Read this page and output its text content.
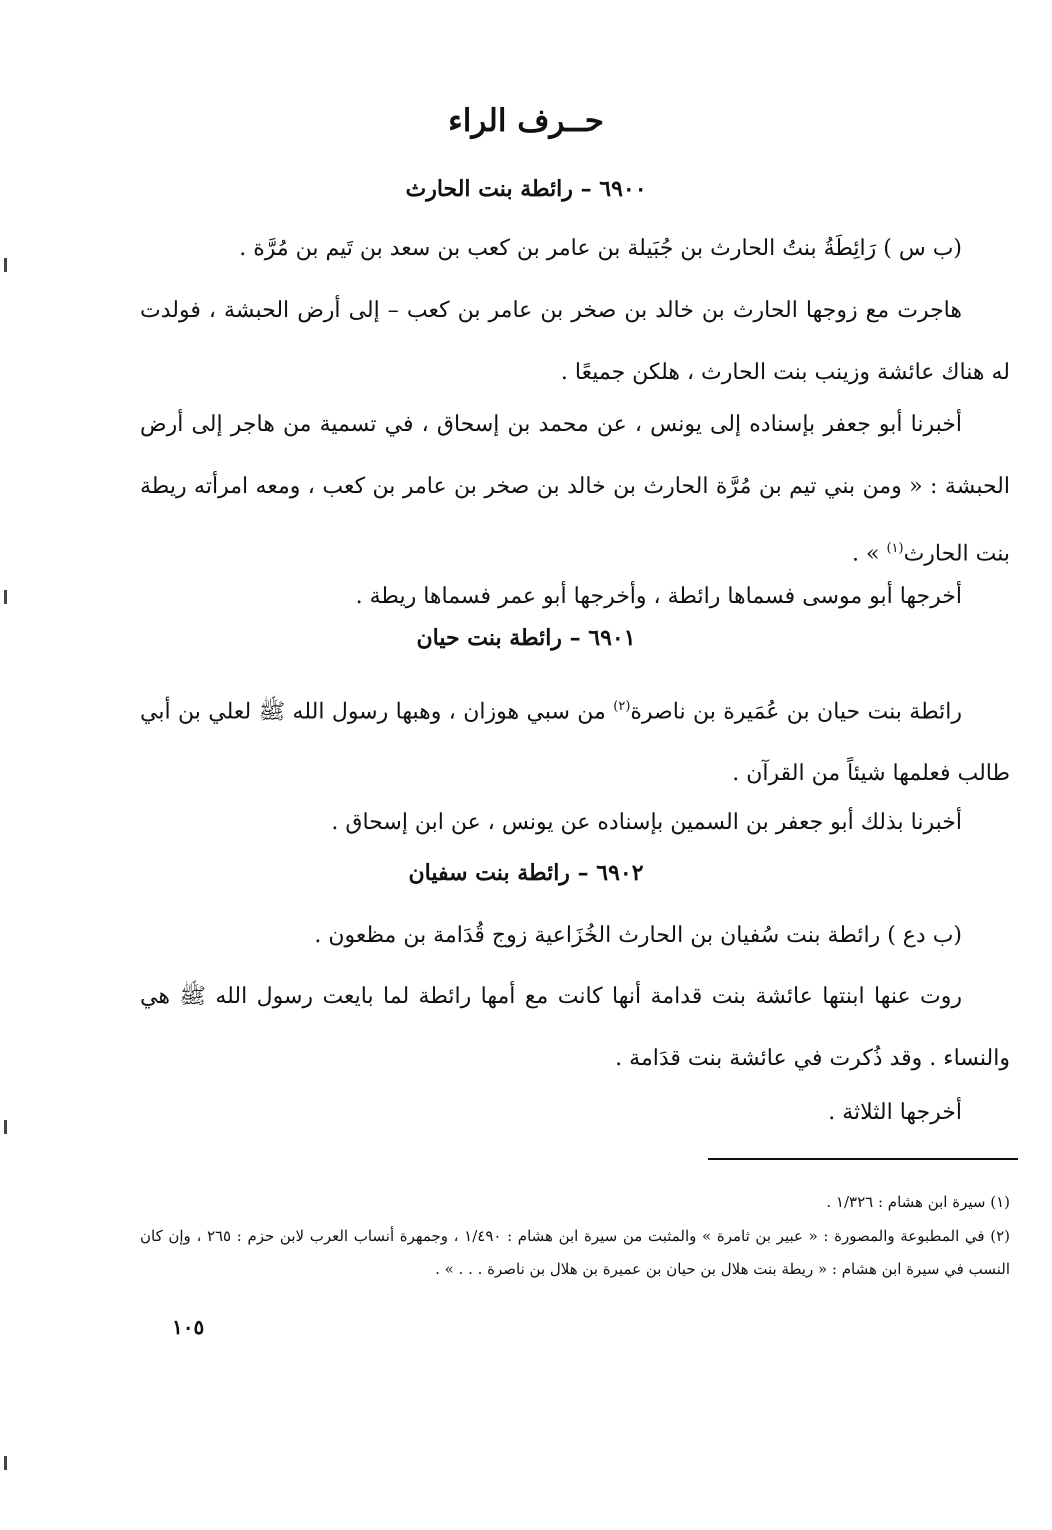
حــرف الراء
٦٩٠٠ – رائطة بنت الحارث
(ب س ) رَائِطَةُ بنتُ الحارث بن جُبَيلة بن عامر بن كعب بن سعد بن تَيم بن مُرَّة .
هاجرت مع زوجها الحارث بن خالد بن صخر بن عامر بن كعب – إلى أرض الحبشة ، فولدت له هناك عائشة وزينب بنت الحارث ، هلكن جميعًا .
أخبرنا أبو جعفر بإسناده إلى يونس ، عن محمد بن إسحاق ، في تسمية من هاجر إلى أرض الحبشة : « ومن بني تيم بن مُرَّة الحارث بن خالد بن صخر بن عامر بن كعب ، ومعه امرأته ريطة بنت الحارث$^{(١)}$ » .
أخرجها أبو موسى فسماها رائطة ، وأخرجها أبو عمر فسماها ريطة .
٦٩٠١ – رائطة بنت حيان
رائطة بنت حيان بن عُمَيرة بن ناصرة$^{(٢)}$ من سبي هوزان ، وهبها رسول الله ﷺ لعلي بن أبي طالب فعلمها شيئاً من القرآن .
أخبرنا بذلك أبو جعفر بن السمين بإسناده عن يونس ، عن ابن إسحاق .
٦٩٠٢ – رائطة بنت سفيان
(ب دع ) رائطة بنت سُفيان بن الحارث الخُزَاعية زوج قُدَامة بن مظعون .
روت عنها ابنتها عائشة بنت قدامة أنها كانت مع أمها رائطة لما بايعت رسول الله ﷺ هي والنساء . وقد ذُكرت في عائشة بنت قدَامة .
أخرجها الثلاثة .
(١) سيرة ابن هشام : ١/٣٢٦ .
(٢) في المطبوعة والمصورة : « عبير بن ثامرة » والمثبت من سيرة ابن هشام : ١/٤٩٠ ، وجمهرة أنساب العرب لابن حزم : ٢٦٥ ، وإن كان النسب في سيرة ابن هشام : « ريطة بنت هلال بن حيان بن عميرة بن هلال بن ناصرة . . . » .
١٠٥
